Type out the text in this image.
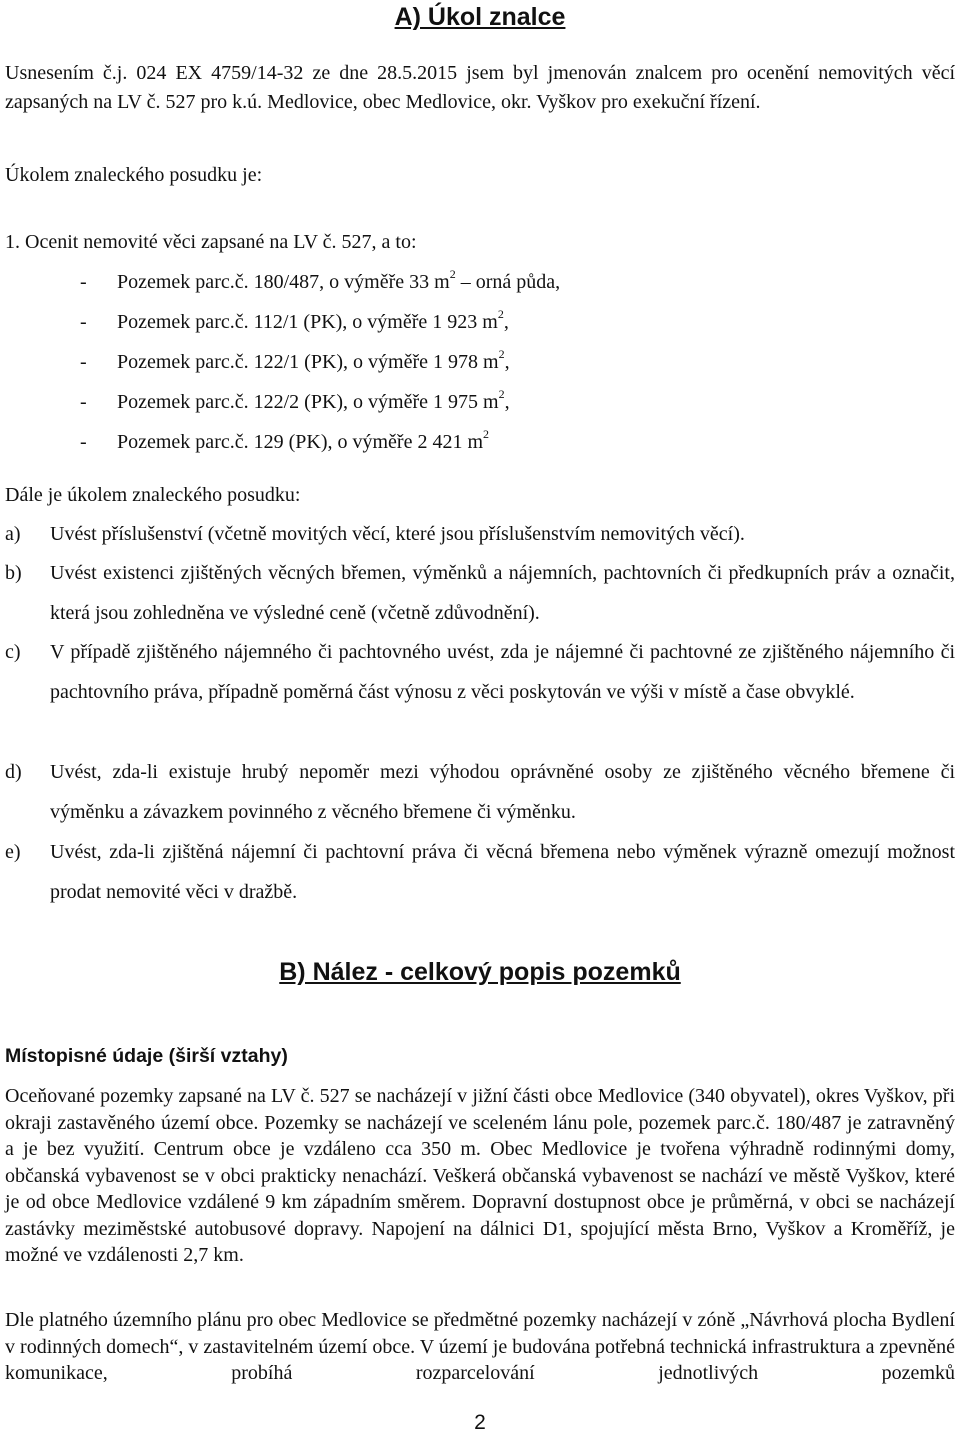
A) Úkol znalce
Usnesením č.j. 024 EX 4759/14-32 ze dne 28.5.2015 jsem byl jmenován znalcem pro ocenění nemovitých věcí zapsaných na LV č. 527 pro k.ú. Medlovice, obec Medlovice, okr. Vyškov pro exekuční řízení.
Úkolem znaleckého posudku je:
1. Ocenit nemovité věci zapsané na LV č. 527, a to:
- Pozemek parc.č. 180/487, o výměře 33 $m^2$ – orná půda,
- Pozemek parc.č. 112/1 (PK), o výměře 1 923 $m^2$,
- Pozemek parc.č. 122/1 (PK), o výměře 1 978 $m^2$,
- Pozemek parc.č. 122/2 (PK), o výměře 1 975 $m^2$,
- Pozemek parc.č. 129 (PK), o výměře 2 421 $m^2$
Dále je úkolem znaleckého posudku:
a) Uvést příslušenství (včetně movitých věcí, které jsou příslušenstvím nemovitých věcí).
b) Uvést existenci zjištěných věcných břemen, výměnků a nájemních, pachtovních či předkupních práv a označit, která jsou zohledněna ve výsledné ceně (včetně zdůvodnění).
c) V případě zjištěného nájemného či pachtovného uvést, zda je nájemné či pachtovné ze zjištěného nájemního či pachtovního práva, případně poměrná část výnosu z věci poskytován ve výši v místě a čase obvyklé.
d) Uvést, zda-li existuje hrubý nepoměr mezi výhodou oprávněné osoby ze zjištěného věcného břemene či výměnku a závazkem povinného z věcného břemene či výměnku.
e) Uvést, zda-li zjištěná nájemní či pachtovní práva či věcná břemena nebo výměnek výrazně omezují možnost prodat nemovité věci v dražbě.
B) Nález - celkový popis pozemků
Místopisné údaje (širší vztahy)
Oceňované pozemky zapsané na LV č. 527 se nacházejí v jižní části obce Medlovice (340 obyvatel), okres Vyškov, při okraji zastavěného území obce. Pozemky se nacházejí ve sceleném lánu pole, pozemek parc.č. 180/487 je zatravněný a je bez využití. Centrum obce je vzdáleno cca 350 m. Obec Medlovice je tvořena výhradně rodinnými domy, občanská vybavenost se v obci prakticky nenachází. Veškerá občanská vybavenost se nachází ve městě Vyškov, které je od obce Medlovice vzdálené 9 km západním směrem. Dopravní dostupnost obce je průměrná, v obci se nacházejí zastávky meziměstské autobusové dopravy. Napojení na dálnici D1, spojující města Brno, Vyškov a Kroměříž, je možné ve vzdálenosti 2,7 km.
Dle platného územního plánu pro obec Medlovice se předmětné pozemky nacházejí v zóně „Návrhová plocha Bydlení v rodinných domech“, v zastavitelném území obce. V území je budována potřebná technická infrastruktura a zpevněné komunikace, probíhá rozparcelování jednotlivých pozemků
2
